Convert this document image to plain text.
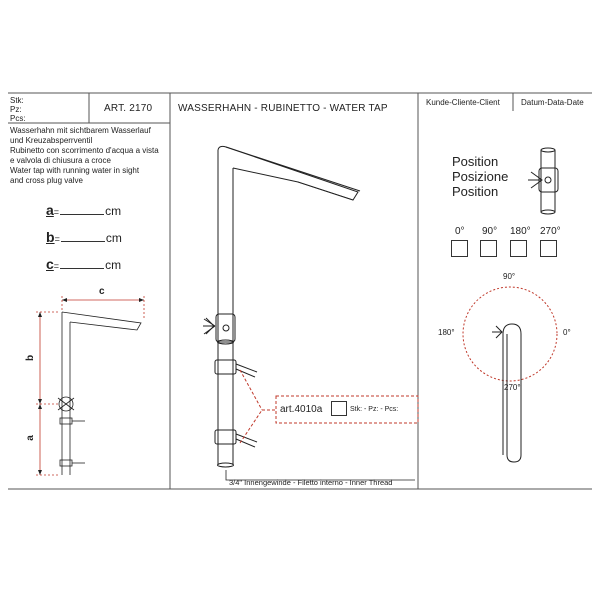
Stk:
Pz:
Pcs:
ART. 2170	WASSERHAHN - RUBINETTO - WATER TAP
Kunde-Cliente-Client	Datum-Data-Date
Wasserhahn mit sichtbarem Wasserlauf
und Kreuzabsperrventil
Rubinetto con scorrimento d'acqua a vista
e valvola di chiusura a croce
Water tap with running water in sight
and cross plug valve
a=	cm
b=	cm
c=	cm
c
b
a
Position
Posizione
Position
0° 90° 180° 270°
90°
180°	0°
270°
art.4010a	Stk: - Pz: - Pcs:
3/4" Innengewinde - Filetto interno - Inner Thread
